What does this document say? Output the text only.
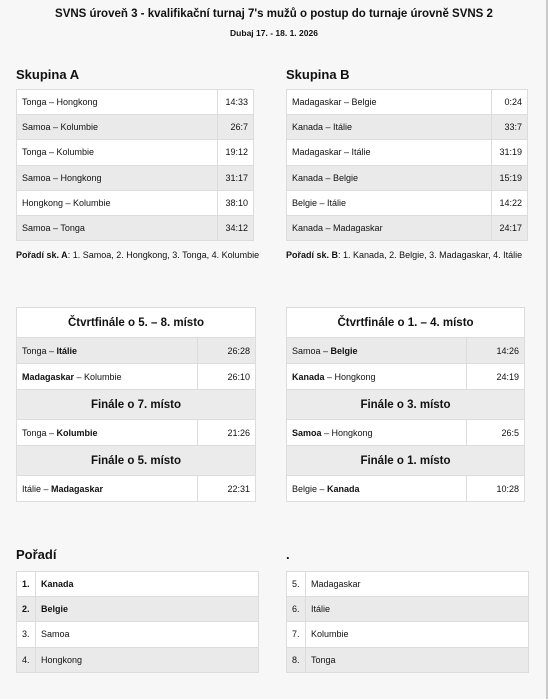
SVNS úroveň 3 - kvalifikační turnaj 7's mužů o postup do turnaje úrovně SVNS 2
Dubaj 17. - 18. 1. 2026
Skupina A
Tonga – Hongkong	14:33
Samoa – Kolumbie	26:7
Tonga – Kolumbie	19:12
Samoa – Hongkong	31:17
Hongkong – Kolumbie	38:10
Samoa – Tonga	34:12
Pořadí sk. A: 1. Samoa, 2. Hongkong, 3. Tonga, 4. Kolumbie
Skupina B
Madagaskar – Belgie	0:24
Kanada – Itálie	33:7
Madagaskar – Itálie	31:19
Kanada – Belgie	15:19
Belgie – Itálie	14:22
Kanada – Madagaskar	24:17
Pořadí sk. B: 1. Kanada, 2. Belgie, 3. Madagaskar, 4. Itálie
Čtvrtfinále o 5. – 8. místo	
Tonga – Itálie	26:28
Madagaskar – Kolumbie	26:10
Finále o 7. místo	
Tonga – Kolumbie	21:26
Finále o 5. místo	
Itálie – Madagaskar	22:31
Čtvrtfinále o 1. – 4. místo	
Samoa – Belgie	14:26
Kanada – Hongkong	24:19
Finále o 3. místo	
Samoa – Hongkong	26:5
Finále o 1. místo	
Belgie – Kanada	10:28
Pořadí	.
1.	Kanada
2.	Belgie
3.	Samoa
4.	Hongkong
5.	Madagaskar
6.	Itálie
7.	Kolumbie
8.	Tonga
